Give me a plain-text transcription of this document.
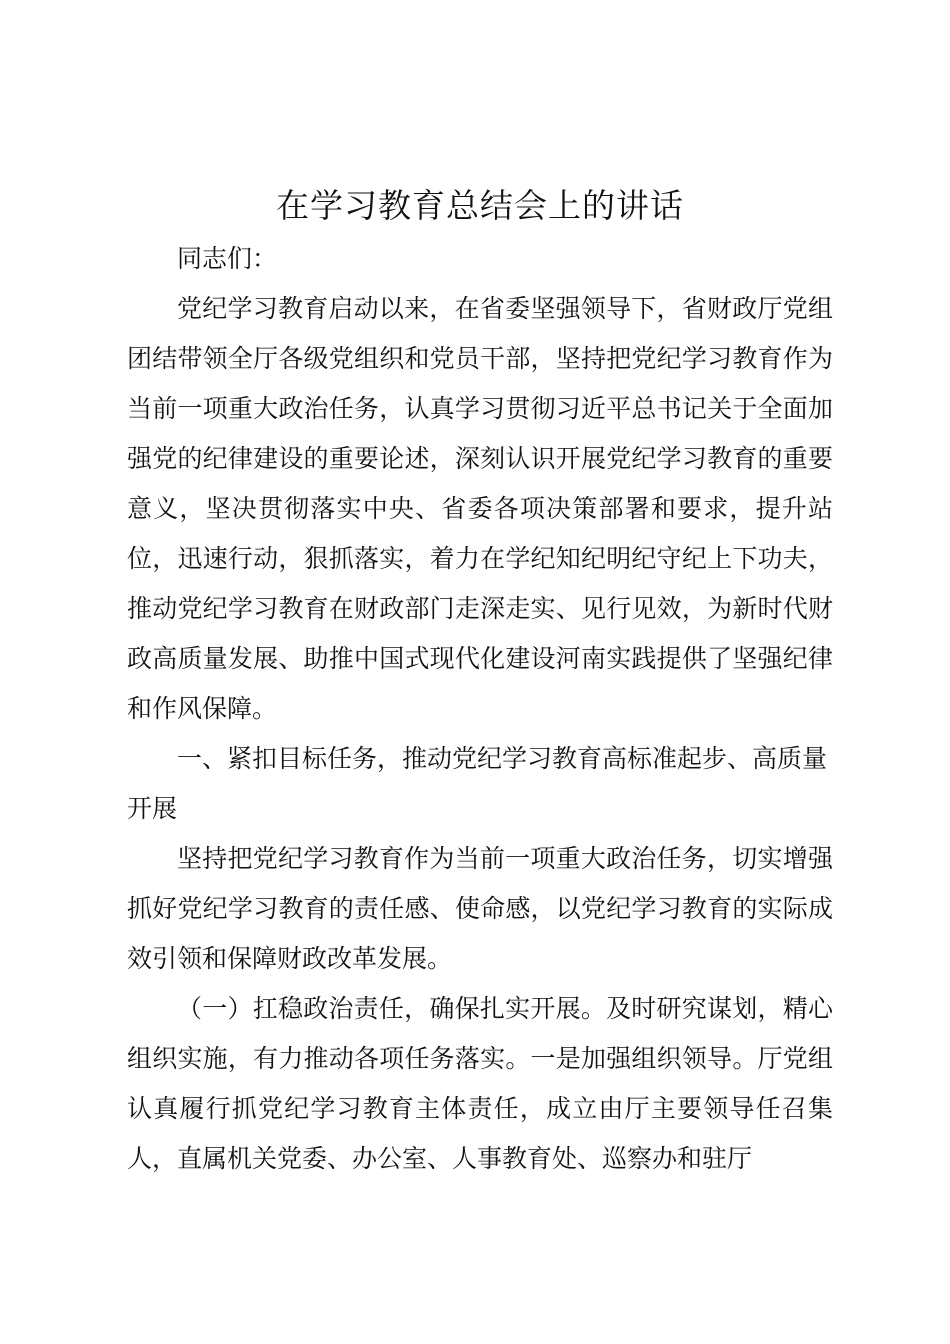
在学习教育总结会上的讲话

同志们：

党纪学习教育启动以来，在省委坚强领导下，省财政厅党组团结带领全厅各级党组织和党员干部，坚持把党纪学习教育作为当前一项重大政治任务，认真学习贯彻习近平总书记关于全面加强党的纪律建设的重要论述，深刻认识开展党纪学习教育的重要意义，坚决贯彻落实中央、省委各项决策部署和要求，提升站位，迅速行动，狠抓落实，着力在学纪知纪明纪守纪上下功夫，推动党纪学习教育在财政部门走深走实、见行见效，为新时代财政高质量发展、助推中国式现代化建设河南实践提供了坚强纪律和作风保障。

一、紧扣目标任务，推动党纪学习教育高标准起步、高质量开展

坚持把党纪学习教育作为当前一项重大政治任务，切实增强抓好党纪学习教育的责任感、使命感，以党纪学习教育的实际成效引领和保障财政改革发展。

（一）扛稳政治责任，确保扎实开展。及时研究谋划，精心组织实施，有力推动各项任务落实。一是加强组织领导。厅党组认真履行抓党纪学习教育主体责任，成立由厅主要领导任召集人，直属机关党委、办公室、人事教育处、巡察办和驻厅
